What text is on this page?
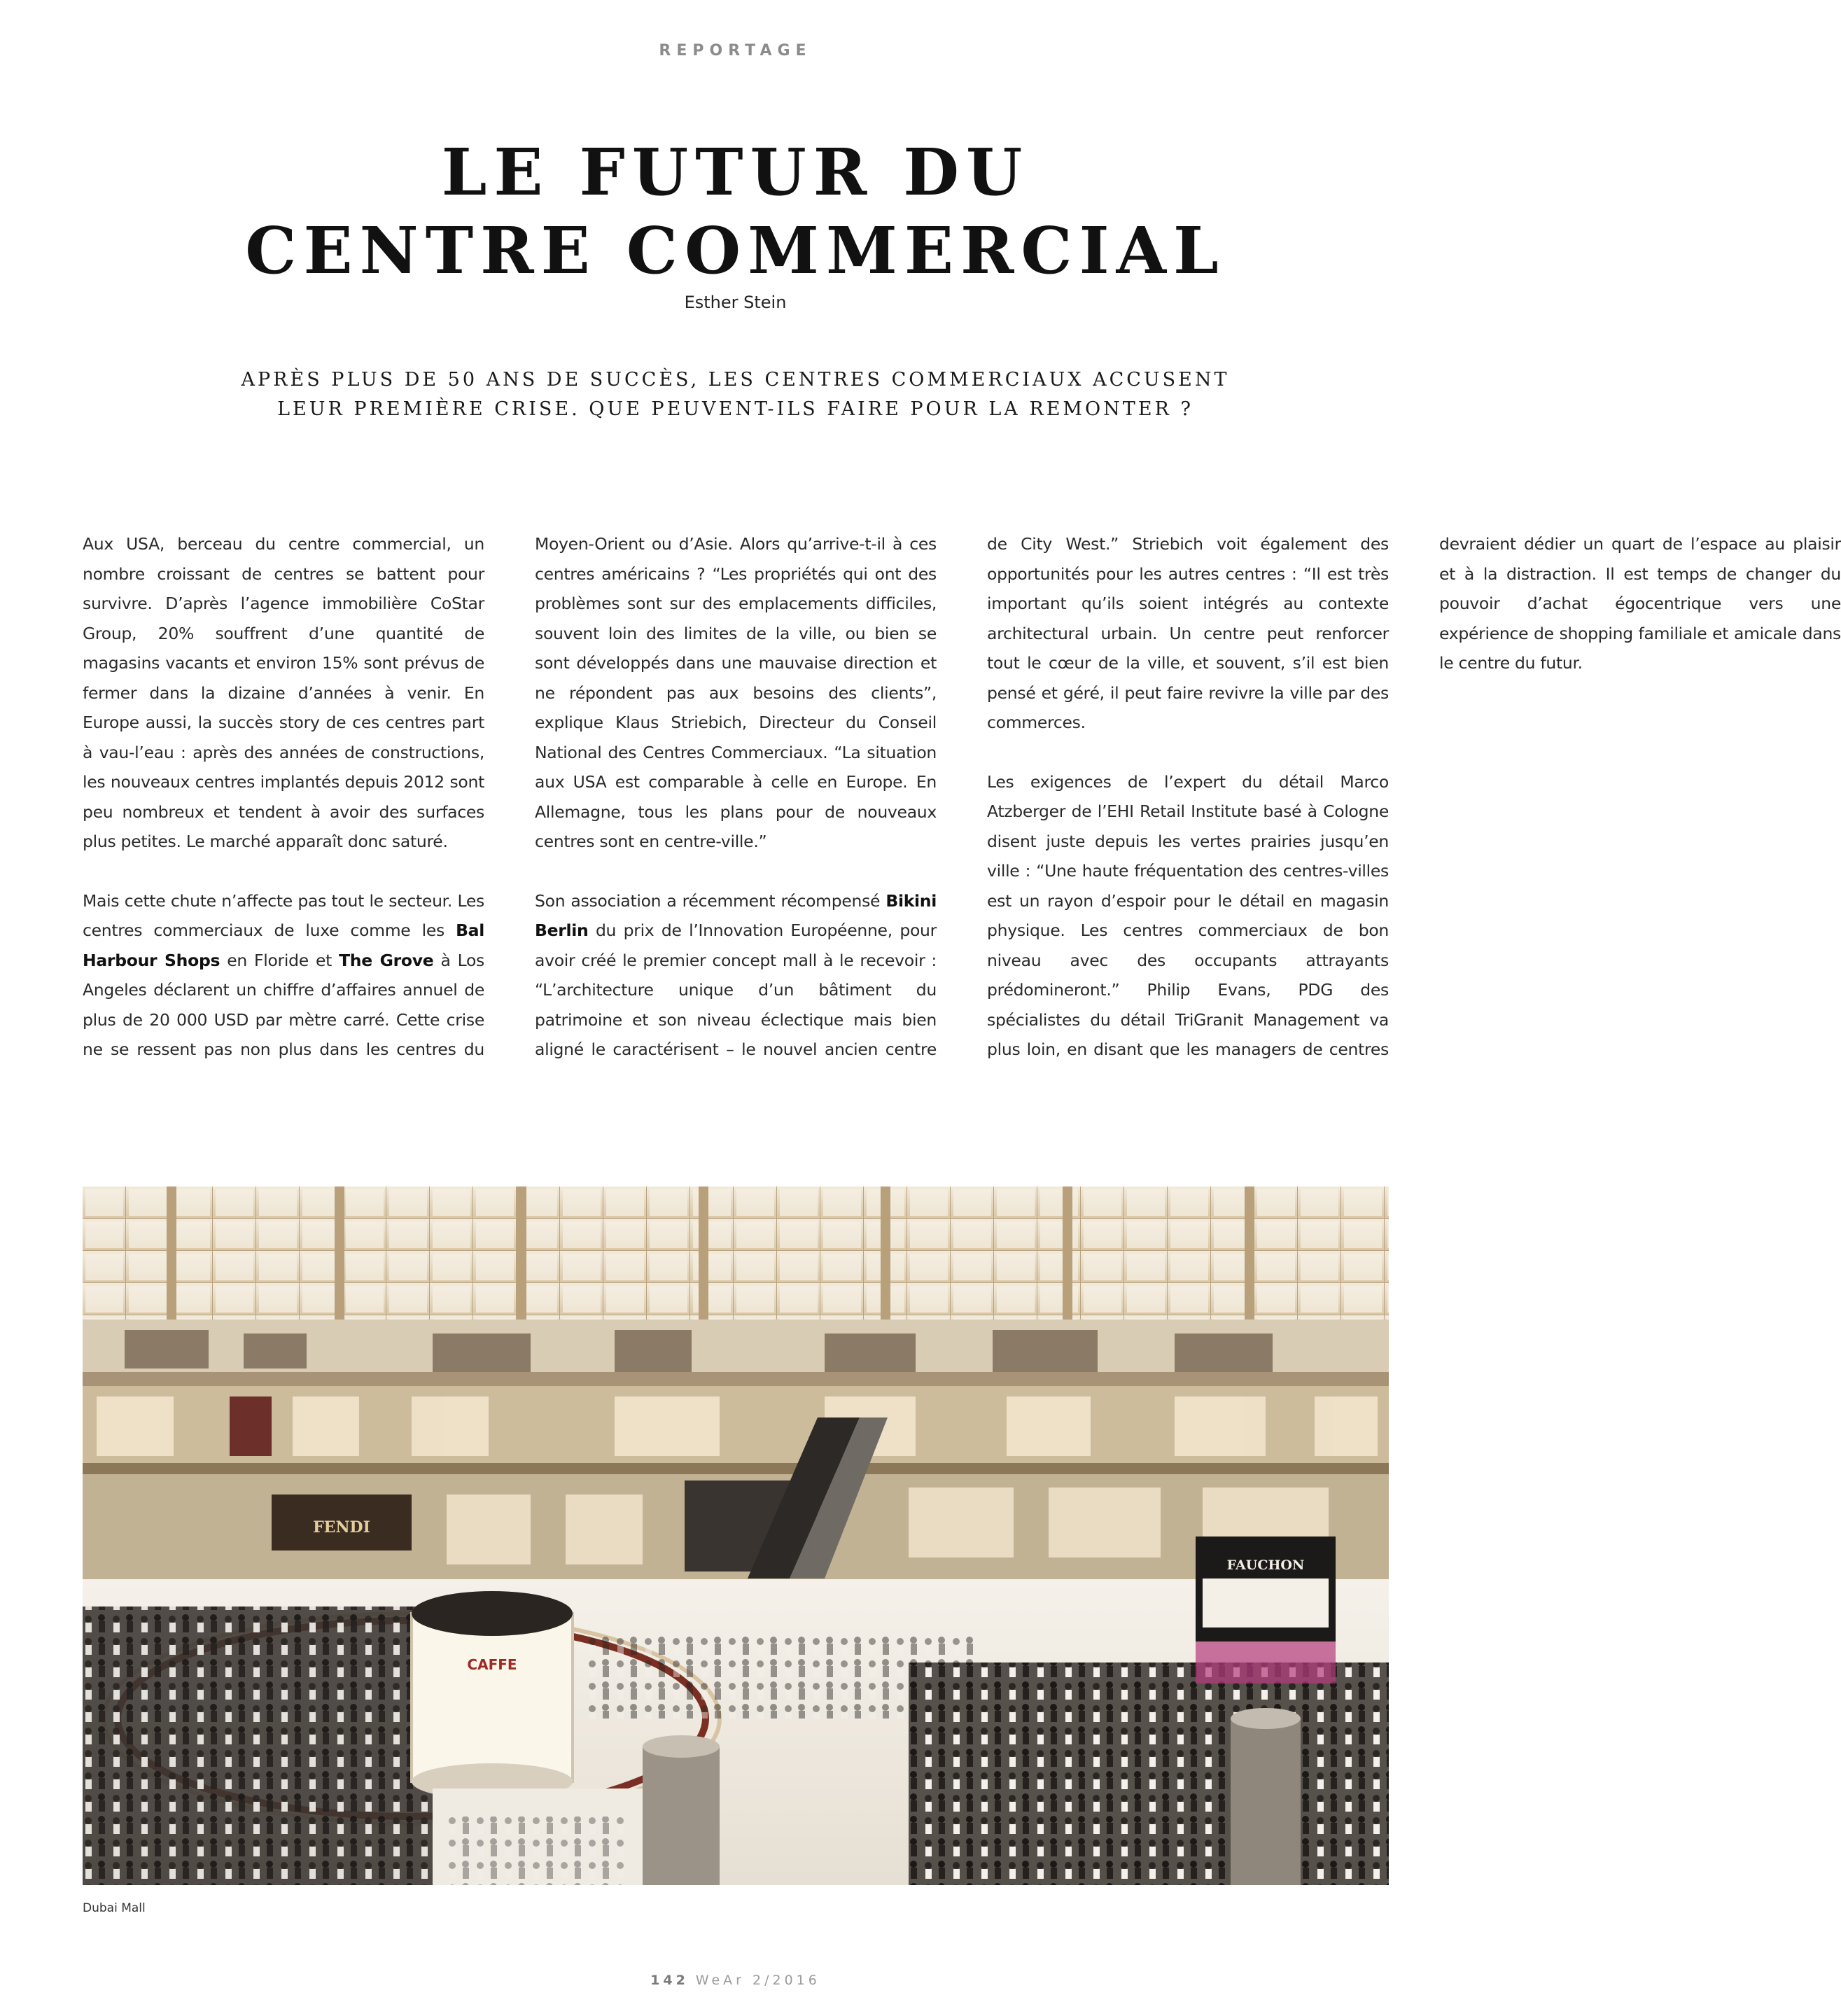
REPORTAGE
LE FUTUR DU
CENTRE COMMERCIAL
Esther Stein

APRÈS PLUS DE 50 ANS DE SUCCÈS, LES CENTRES COMMERCIAUX ACCUSENT
LEUR PREMIÈRE CRISE. QUE PEUVENT-ILS FAIRE POUR LA REMONTER ?

Aux USA, berceau du centre commercial, un nombre croissant de centres se battent pour survivre. D’après l’agence immobilière CoStar Group, 20% souffrent d’une quantité de magasins vacants et environ 15% sont prévus de fermer dans la dizaine d’années à venir. En Europe aussi, la succès story de ces centres part à vau-l’eau : après des années de constructions, les nouveaux centres implantés depuis 2012 sont peu nombreux et tendent à avoir des surfaces plus petites. Le marché apparaît donc saturé.

Mais cette chute n’affecte pas tout le secteur. Les centres commerciaux de luxe comme les Bal Harbour Shops en Floride et The Grove à Los Angeles déclarent un chiffre d’affaires annuel de plus de 20 000 USD par mètre carré. Cette crise ne se ressent pas non plus dans les centres du Moyen-Orient ou d’Asie. Alors qu’arrive-t-il à ces centres américains ? “Les propriétés qui ont des problèmes sont sur des emplacements difficiles, souvent loin des limites de la ville, ou bien se sont développés dans une mauvaise direction et ne répondent pas aux besoins des clients”, explique Klaus Striebich, Directeur du Conseil National des Centres Commerciaux. “La situation aux USA est comparable à celle en Europe. En Allemagne, tous les plans pour de nouveaux centres sont en centre-ville.”

Son association a récemment récompensé Bikini Berlin du prix de l’Innovation Européenne, pour avoir créé le premier concept mall à le recevoir : “L’architecture unique d’un bâtiment du patrimoine et son niveau éclectique mais bien aligné le caractérisent – le nouvel ancien centre de City West.” Striebich voit également des opportunités pour les autres centres : “Il est très important qu’ils soient intégrés au contexte architectural urbain. Un centre peut renforcer tout le cœur de la ville, et souvent, s’il est bien pensé et géré, il peut faire revivre la ville par des commerces.

Les exigences de l’expert du détail Marco Atzberger de l’EHI Retail Institute basé à Cologne disent juste depuis les vertes prairies jusqu’en ville : “Une haute fréquentation des centres-villes est un rayon d’espoir pour le détail en magasin physique. Les centres commerciaux de bon niveau avec des occupants attrayants prédomineront.” Philip Evans, PDG des spécialistes du détail TriGranit Management va plus loin, en disant que les managers de centres devraient dédier un quart de l’espace au plaisir et à la distraction. Il est temps de changer du pouvoir d’achat égocentrique vers une expérience de shopping familiale et amicale dans le centre du futur.

FENDI
CAFFE
FAUCHON
Dubai Mall
142 WeAr 2/2016
